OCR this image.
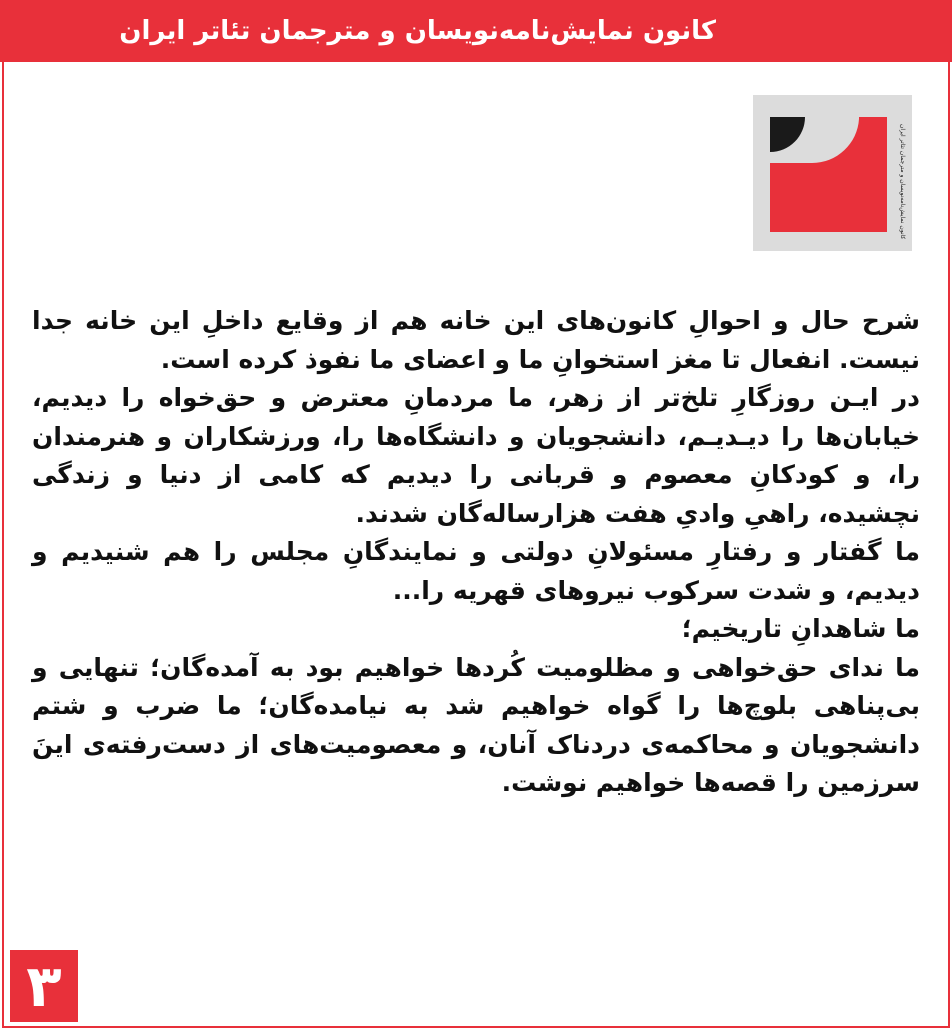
کانون نمایش‌نامه‌نویسان و مترجمان تئاتر ایران
کانون نمایش‌نامه‌نویسان و مترجمان تئاتر ایران

شرح حال و احوالِ کانون‌های این خانه هم از وقایع داخلِ این خانه جدا نیست. انفعال تا مغز استخوانِ ما و اعضای ما نفوذ کرده است.

در ایـن روزگارِ تلخ‌تر از زهر، ما مردمانِ معترض و حق‌خواه را دیدیم، خیابان‌ها را دیـدیـم، دانشجویان و دانشگاه‌ها را، ورزشکاران و هنرمندان را، و کودکانِ معصوم و قربانی را دیدیم که کامی از دنیا و زندگی نچشیده، راهیِ وادیِ هفت هزارساله‌گان شدند.

ما گفتار و رفتارِ مسئولانِ دولتی و نمایندگانِ مجلس را هم شنیدیم و دیدیم، و شدت سرکوب نیروهای قهریه را...

ما شاهدانِ تاریخیم؛

ما ندای حق‌خواهی و مظلومیت کُردها خواهیم بود به آمده‌گان؛ تنهایی و بی‌پناهی بلوچ‌ها را گواه خواهیم شد به نیامده‌گان؛ ما ضرب و شتم دانشجویان و محاکمه‌ی دردناک آنان، و معصومیت‌های از دست‌رفته‌ی اینَ سرزمین را قصه‌ها خواهیم نوشت.

۳
